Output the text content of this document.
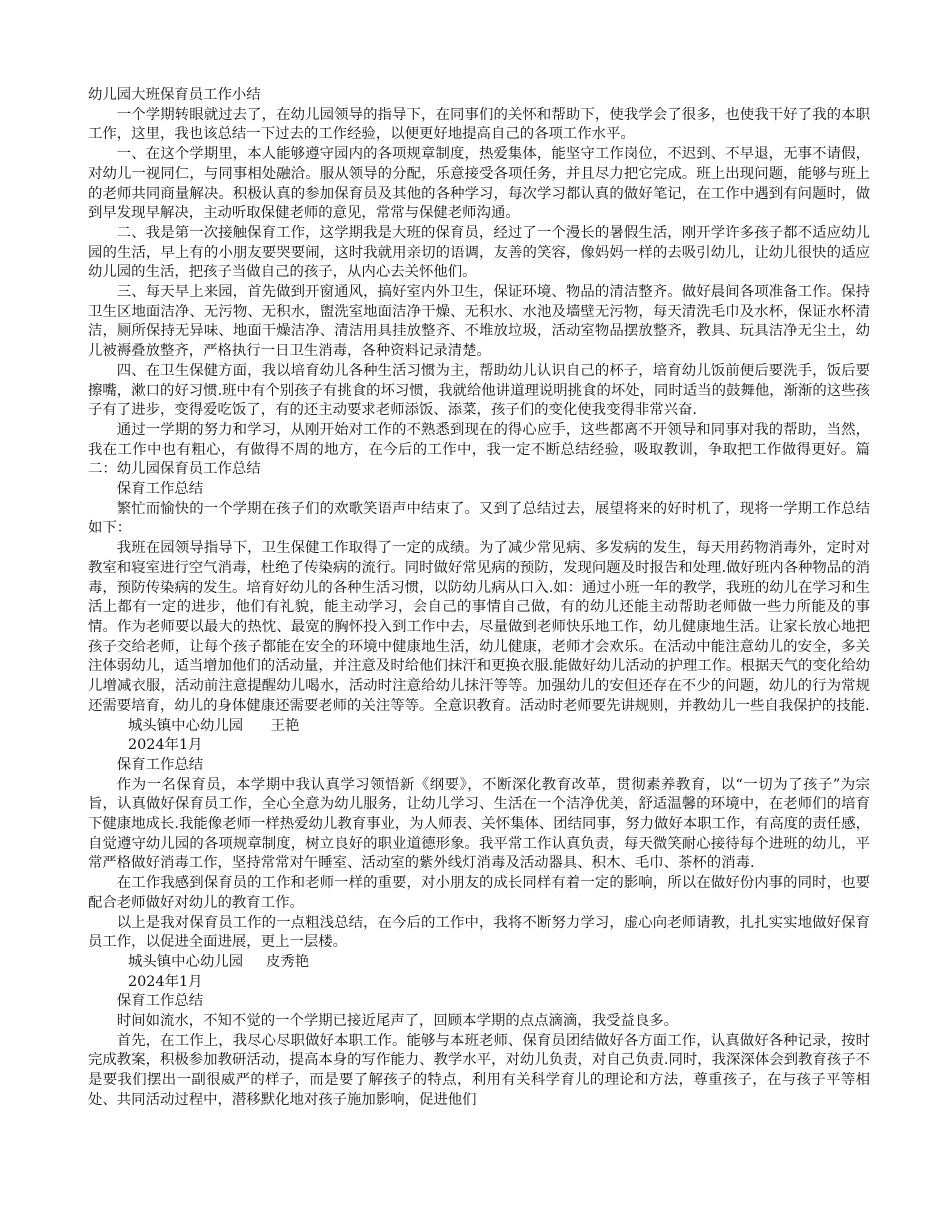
幼儿园大班保育员工作小结

一个学期转眼就过去了，在幼儿园领导的指导下，在同事们的关怀和帮助下，使我学会了很多，也使我干好了我的本职工作，这里，我也该总结一下过去的工作经验，以便更好地提高自己的各项工作水平。

一、在这个学期里，本人能够遵守园内的各项规章制度，热爱集体，能坚守工作岗位，不迟到、不早退，无事不请假，对幼儿一视同仁，与同事相处融洽。服从领导的分配，乐意接受各项任务，并且尽力把它完成。班上出现问题，能够与班上的老师共同商量解决。积极认真的参加保育员及其他的各种学习，每次学习都认真的做好笔记，在工作中遇到有问题时，做到早发现早解决，主动听取保健老师的意见，常常与保健老师沟通。

二、我是第一次接触保育工作，这学期我是大班的保育员，经过了一个漫长的暑假生活，刚开学许多孩子都不适应幼儿园的生活，早上有的小朋友要哭要闹，这时我就用亲切的语调，友善的笑容，像妈妈一样的去吸引幼儿，让幼儿很快的适应幼儿园的生活，把孩子当做自己的孩子，从内心去关怀他们。

三、每天早上来园，首先做到开窗通风，搞好室内外卫生，保证环境、物品的清洁整齐。做好晨间各项准备工作。保持卫生区地面洁净、无污物、无积水，盥洗室地面洁净干燥、无积水、水池及墙壁无污物，每天清洗毛巾及水杯，保证水杯清洁，厕所保持无异味、地面干燥洁净、清洁用具挂放整齐、不堆放垃圾，活动室物品摆放整齐，教具、玩具洁净无尘土，幼儿被褥叠放整齐，严格执行一日卫生消毒，各种资料记录清楚。

四、在卫生保健方面，我以培育幼儿各种生活习惯为主，帮助幼儿认识自己的杯子，培育幼儿饭前便后要洗手，饭后要擦嘴，漱口的好习惯.班中有个别孩子有挑食的坏习惯，我就给他讲道理说明挑食的坏处，同时适当的鼓舞他，渐渐的这些孩子有了进步，变得爱吃饭了，有的还主动要求老师添饭、添菜，孩子们的变化使我变得非常兴奋.

通过一学期的努力和学习，从刚开始对工作的不熟悉到现在的得心应手，这些都离不开领导和同事对我的帮助，当然，我在工作中也有粗心，有做得不周的地方，在今后的工作中，我一定不断总结经验，吸取教训，争取把工作做得更好。篇二：幼儿园保育员工作总结

保育工作总结

繁忙而愉快的一个学期在孩子们的欢歌笑语声中结束了。又到了总结过去，展望将来的好时机了，现将一学期工作总结如下：

我班在园领导指导下，卫生保健工作取得了一定的成绩。为了减少常见病、多发病的发生，每天用药物消毒外，定时对教室和寝室进行空气消毒，杜绝了传染病的流行。同时做好常见病的预防，发现问题及时报告和处理.做好班内各种物品的消毒，预防传染病的发生。培育好幼儿的各种生活习惯，以防幼儿病从口入.如：通过小班一年的教学，我班的幼儿在学习和生活上都有一定的进步，他们有礼貌，能主动学习，会自己的事情自己做，有的幼儿还能主动帮助老师做一些力所能及的事情。作为老师要以最大的热忱、最宽的胸怀投入到工作中去，尽量做到老师快乐地工作，幼儿健康地生活。让家长放心地把孩子交给老师，让每个孩子都能在安全的环境中健康地生活，幼儿健康，老师才会欢乐。在活动中能注意幼儿的安全，多关注体弱幼儿，适当增加他们的活动量，并注意及时给他们抹汗和更换衣服.能做好幼儿活动的护理工作。根据天气的变化给幼儿增减衣服，活动前注意提醒幼儿喝水，活动时注意给幼儿抹汗等等。加强幼儿的安但还存在不少的问题，幼儿的行为常规还需要培育，幼儿的身体健康还需要老师的关注等等。全意识教育。活动时老师要先讲规则，并教幼儿一些自我保护的技能.

城头镇中心幼儿园 王艳

2024年1月

保育工作总结

作为一名保育员，本学期中我认真学习领悟新《纲要》，不断深化教育改革，贯彻素养教育，以“一切为了孩子”为宗旨，认真做好保育员工作，全心全意为幼儿服务，让幼儿学习、生活在一个洁净优美，舒适温馨的环境中，在老师们的培育下健康地成长.我能像老师一样热爱幼儿教育事业，为人师表、关怀集体、团结同事，努力做好本职工作，有高度的责任感，自觉遵守幼儿园的各项规章制度，树立良好的职业道德形象。我平常工作认真负责，每天微笑耐心接待每个进班的幼儿，平常严格做好消毒工作，坚持常常对午睡室、活动室的紫外线灯消毒及活动器具、积木、毛巾、茶杯的消毒.

在工作我感到保育员的工作和老师一样的重要，对小朋友的成长同样有着一定的影响，所以在做好份内事的同时，也要配合老师做好对幼儿的教育工作。

以上是我对保育员工作的一点粗浅总结，在今后的工作中，我将不断努力学习，虚心向老师请教，扎扎实实地做好保育员工作，以促进全面进展，更上一层楼。

城头镇中心幼儿园 皮秀艳

2024年1月

保育工作总结

时间如流水，不知不觉的一个学期已接近尾声了，回顾本学期的点点滴滴，我受益良多。

首先，在工作上，我尽心尽职做好本职工作。能够与本班老师、保育员团结做好各方面工作，认真做好各种记录，按时完成教案，积极参加教研活动，提高本身的写作能力、教学水平，对幼儿负责，对自己负责.同时，我深深体会到教育孩子不是要我们摆出一副很威严的样子，而是要了解孩子的特点，利用有关科学育儿的理论和方法，尊重孩子，在与孩子平等相处、共同活动过程中，潜移默化地对孩子施加影响，促进他们
